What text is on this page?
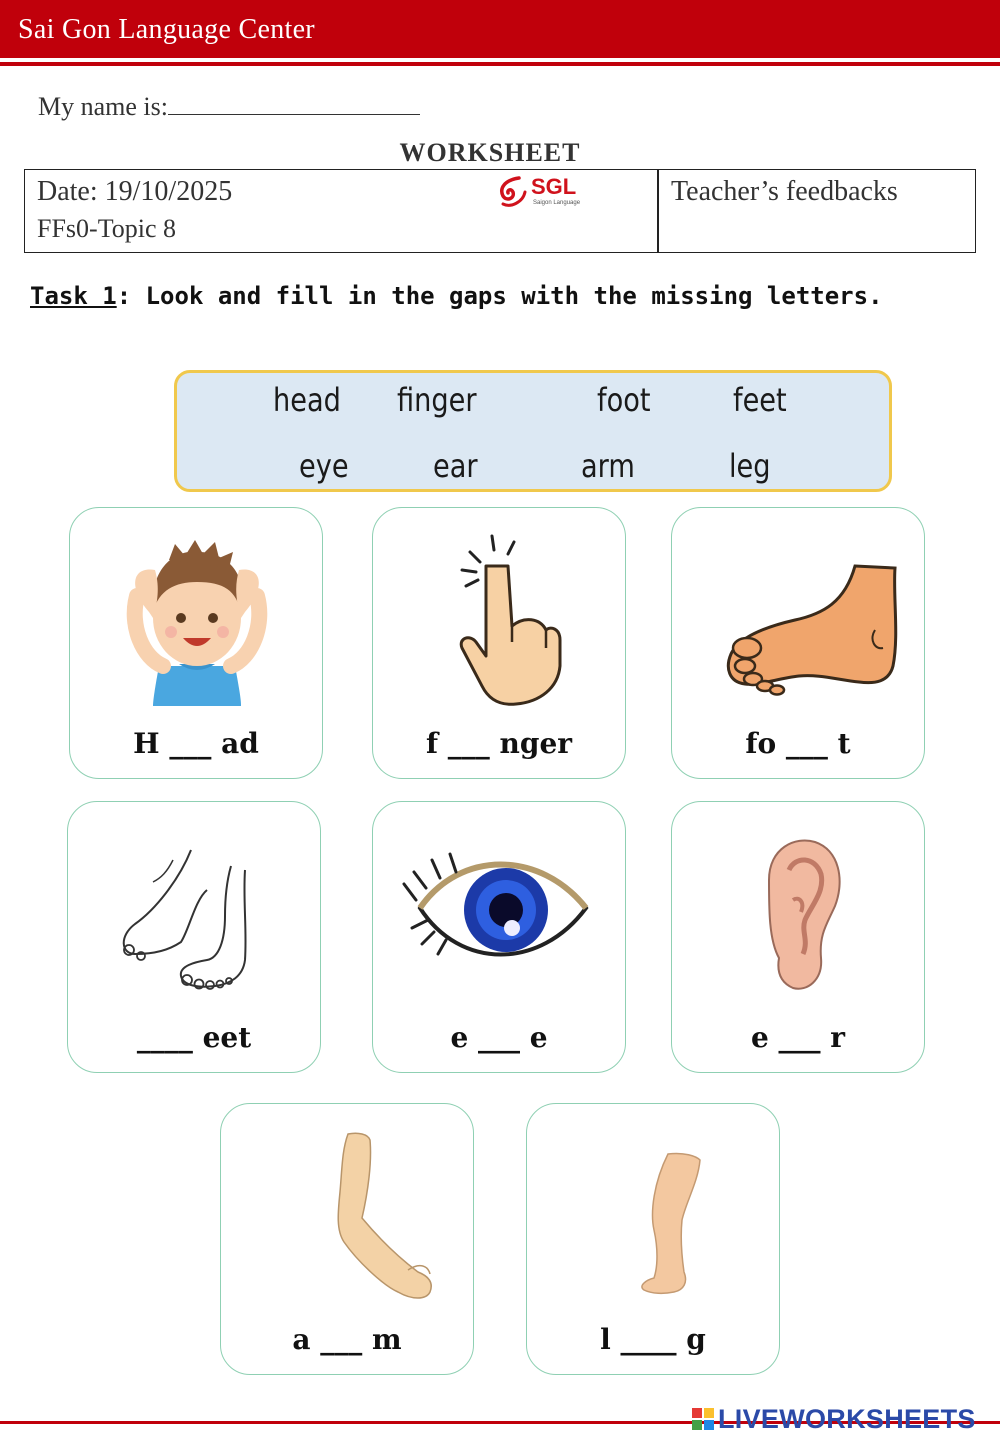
Sai Gon Language Center
My name is:
WORKSHEET
Date: 19/10/2025
FFs0-Topic 8
SGL
Saigon Language	Teacher’s feedbacks
Task 1: Look and fill in the gaps with the missing letters.
head finger	foot	feet
eye	ear	arm	leg
H ___ ad	f ___ nger	fo ___ t
____ eet	e ___ e	e ___ r
a ___ m	l ____ g
LIVEWORKSHEETS
